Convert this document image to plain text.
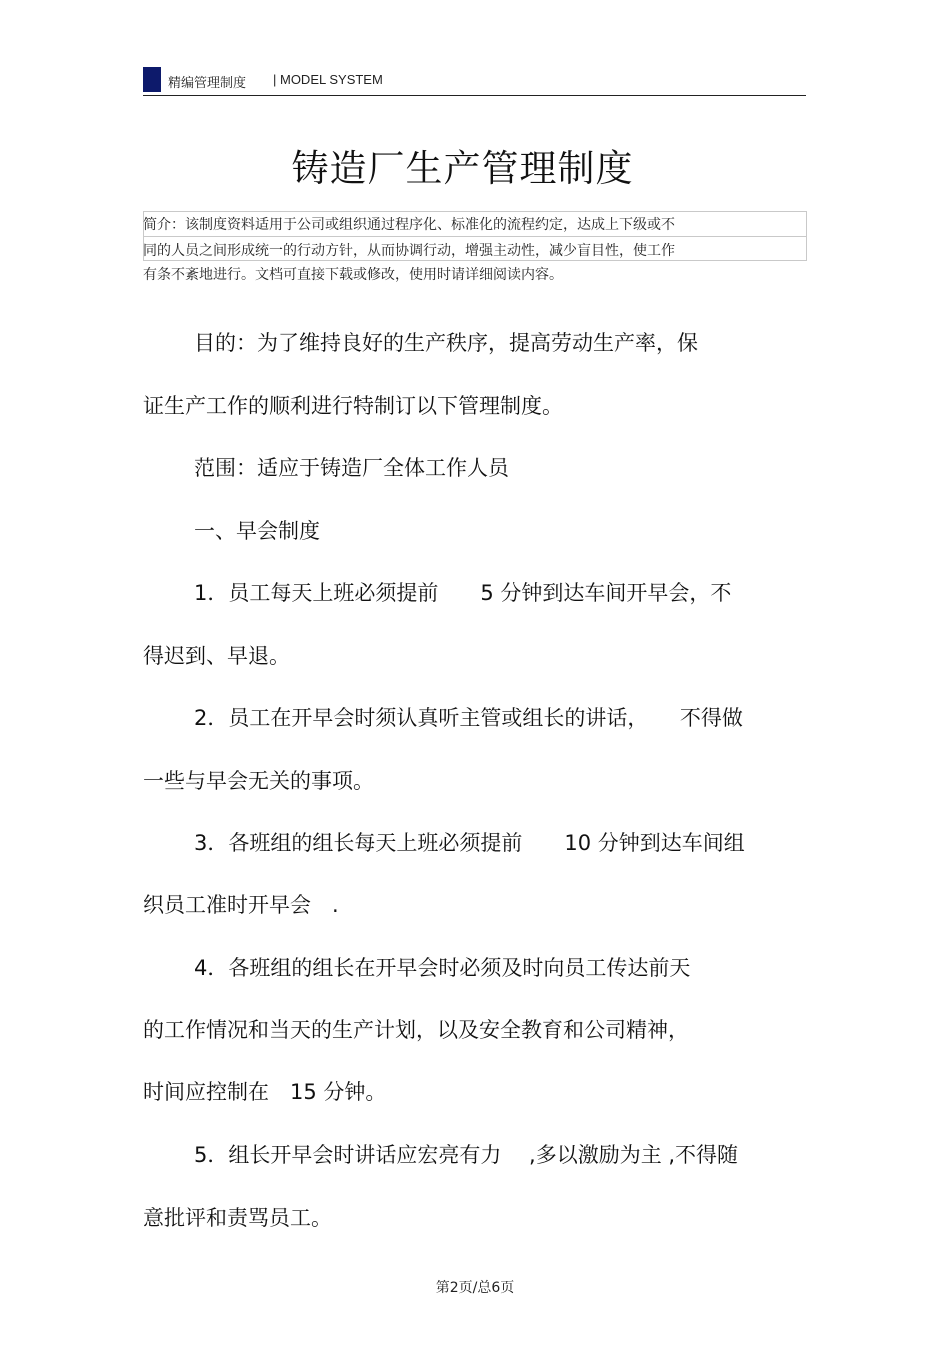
精编管理制度 | MODEL SYSTEM
铸造厂生产管理制度
简介：该制度资料适用于公司或组织通过程序化、标准化的流程约定，达成上下级或不
同的人员之间形成统一的行动方针，从而协调行动，增强主动性，减少盲目性，使工作
有条不紊地进行。文档可直接下载或修改，使用时请详细阅读内容。
目的：为了维持良好的生产秩序，提高劳动生产率，保
证生产工作的顺利进行特制订以下管理制度。
范围：适应于铸造厂全体工作人员
一、早会制度
1．员工每天上班必须提前　　5 分钟到达车间开早会，不
得迟到、早退。
2．员工在开早会时须认真听主管或组长的讲话，　　不得做
一些与早会无关的事项。
3．各班组的组长每天上班必须提前　　10 分钟到达车间组
织员工准时开早会　.
4．各班组的组长在开早会时必须及时向员工传达前天
的工作情况和当天的生产计划，以及安全教育和公司精神，
时间应控制在　15 分钟。
5．组长开早会时讲话应宏亮有力　 ,多以激励为主 ,不得随
意批评和责骂员工。
第2页/总6页
